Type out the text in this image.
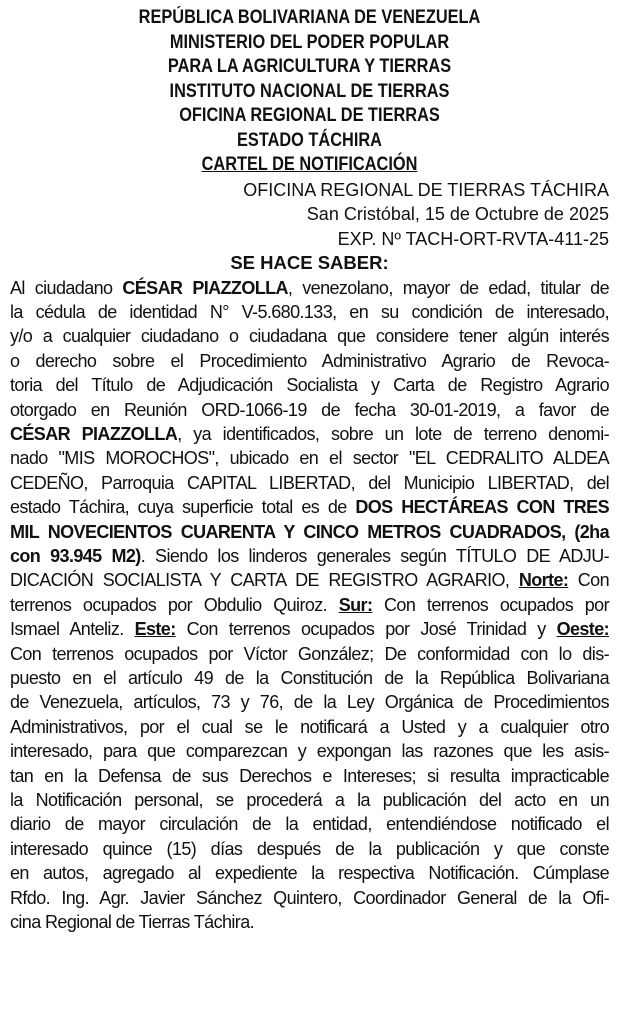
REPÚBLICA BOLIVARIANA DE VENEZUELA
MINISTERIO DEL PODER POPULAR
PARA LA AGRICULTURA Y TIERRAS
INSTITUTO NACIONAL DE TIERRAS
OFICINA REGIONAL DE TIERRAS
ESTADO TÁCHIRA
CARTEL DE NOTIFICACIÓN
OFICINA REGIONAL DE TIERRAS TÁCHIRA
San Cristóbal, 15 de Octubre de 2025
EXP. Nº TACH-ORT-RVTA-411-25
SE HACE SABER:
Al ciudadano CÉSAR PIAZZOLLA, venezolano, mayor de edad, titular de
la cédula de identidad N° V-5.680.133, en su condición de interesado,
y/o a cualquier ciudadano o ciudadana que considere tener algún interés
o derecho sobre el Procedimiento Administrativo Agrario de Revoca-
toria del Título de Adjudicación Socialista y Carta de Registro Agrario
otorgado en Reunión ORD-1066-19 de fecha 30-01-2019, a favor de
CÉSAR PIAZZOLLA, ya identificados, sobre un lote de terreno denomi-
nado "MIS MOROCHOS", ubicado en el sector "EL CEDRALITO ALDEA
CEDEÑO, Parroquia CAPITAL LIBERTAD, del Municipio LIBERTAD, del
estado Táchira, cuya superficie total es de DOS HECTÁREAS CON TRES
MIL NOVECIENTOS CUARENTA Y CINCO METROS CUADRADOS, (2ha
con 93.945 M2). Siendo los linderos generales según TÍTULO DE ADJU-
DICACIÓN SOCIALISTA Y CARTA DE REGISTRO AGRARIO, Norte: Con
terrenos ocupados por Obdulio Quiroz. Sur: Con terrenos ocupados por
Ismael Anteliz. Este: Con terrenos ocupados por José Trinidad y Oeste:
Con terrenos ocupados por Víctor González; De conformidad con lo dis-
puesto en el artículo 49 de la Constitución de la República Bolivariana
de Venezuela, artículos, 73 y 76, de la Ley Orgánica de Procedimientos
Administrativos, por el cual se le notificará a Usted y a cualquier otro
interesado, para que comparezcan y expongan las razones que les asis-
tan en la Defensa de sus Derechos e Intereses; si resulta impracticable
la Notificación personal, se procederá a la publicación del acto en un
diario de mayor circulación de la entidad, entendiéndose notificado el
interesado quince (15) días después de la publicación y que conste
en autos, agregado al expediente la respectiva Notificación. Cúmplase
Rfdo. Ing. Agr. Javier Sánchez Quintero, Coordinador General de la Ofi-
cina Regional de Tierras Táchira.
